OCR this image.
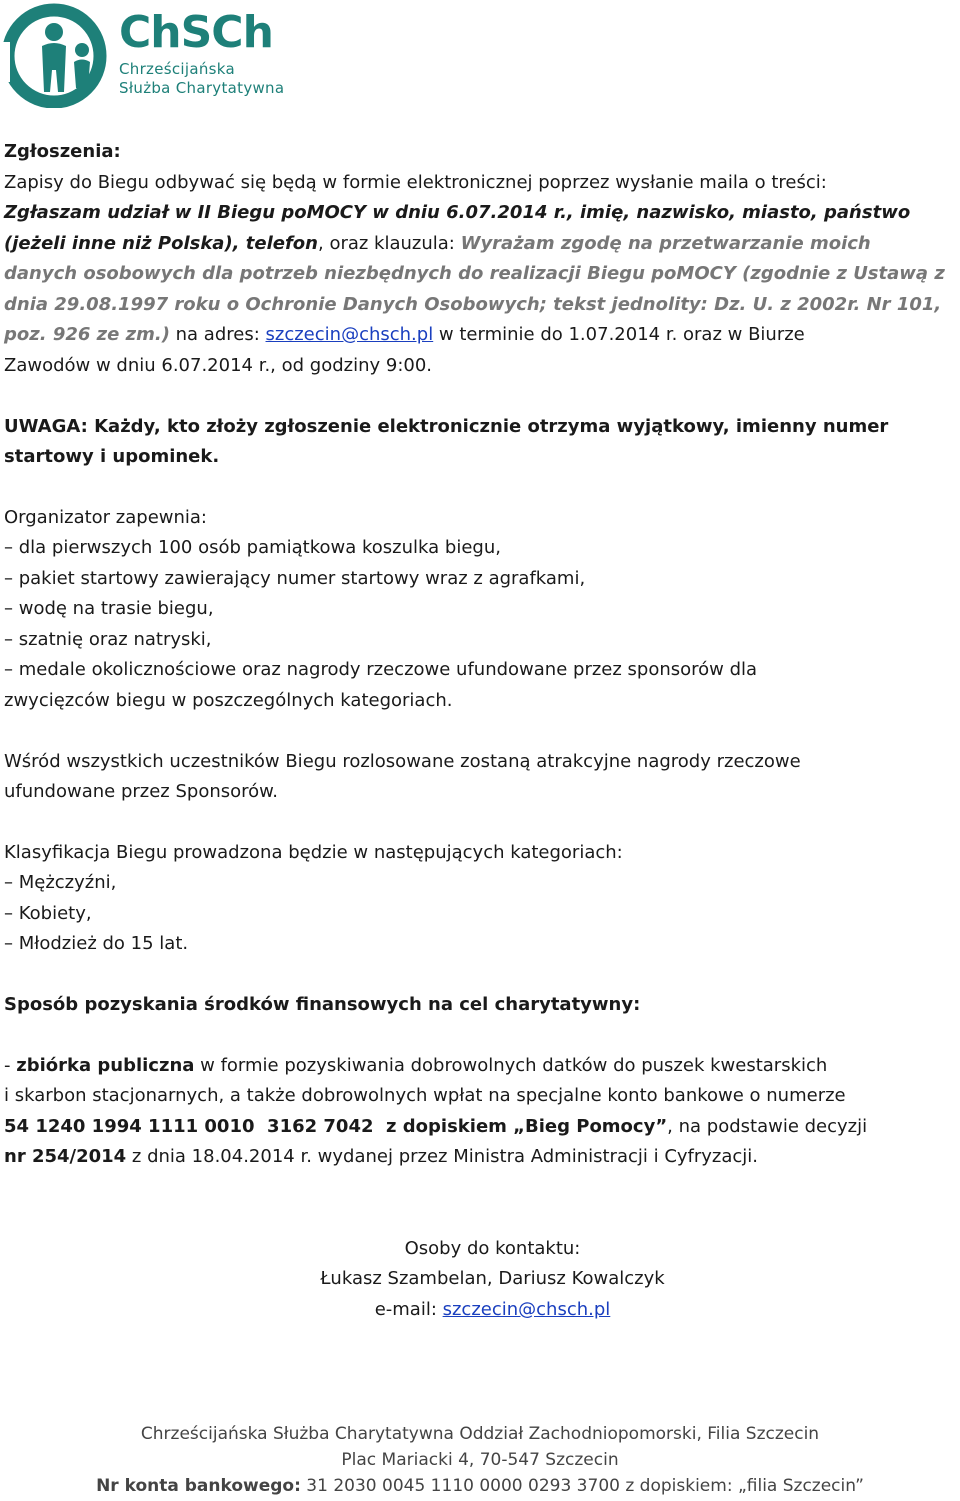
ChSCh
Chrześcijańska
Służba Charytatywna

Zgłoszenia:

Zapisy do Biegu odbywać się będą w formie elektronicznej poprzez wysłanie maila o treści:

Zgłaszam udział w II Biegu poMOCY w dniu 6.07.2014 r., imię, nazwisko, miasto, państwo

(jeżeli inne niż Polska), telefon, oraz klauzula: Wyrażam zgodę na przetwarzanie moich

danych osobowych dla potrzeb niezbędnych do realizacji Biegu poMOCY (zgodnie z Ustawą z

dnia 29.08.1997 roku o Ochronie Danych Osobowych; tekst jednolity: Dz. U. z 2002r. Nr 101,

poz. 926 ze zm.) na adres: szczecin@chsch.pl w terminie do 1.07.2014 r. oraz w Biurze

Zawodów w dniu 6.07.2014 r., od godziny 9:00.

UWAGA: Każdy, kto złoży zgłoszenie elektronicznie otrzyma wyjątkowy, imienny numer

startowy i upominek.

Organizator zapewnia:

– dla pierwszych 100 osób pamiątkowa koszulka biegu,

– pakiet startowy zawierający numer startowy wraz z agrafkami,

– wodę na trasie biegu,

– szatnię oraz natryski,

– medale okolicznościowe oraz nagrody rzeczowe ufundowane przez sponsorów dla

zwycięzców biegu w poszczególnych kategoriach.

Wśród wszystkich uczestników Biegu rozlosowane zostaną atrakcyjne nagrody rzeczowe

ufundowane przez Sponsorów.

Klasyfikacja Biegu prowadzona będzie w następujących kategoriach:

– Mężczyźni,

– Kobiety,

– Młodzież do 15 lat.

Sposób pozyskania środków finansowych na cel charytatywny:

- zbiórka publiczna w formie pozyskiwania dobrowolnych datków do puszek kwestarskich

i skarbon stacjonarnych, a także dobrowolnych wpłat na specjalne konto bankowe o numerze

54 1240 1994 1111 0010  3162 7042  z dopiskiem „Bieg Pomocy”, na podstawie decyzji

nr 254/2014 z dnia 18.04.2014 r. wydanej przez Ministra Administracji i Cyfryzacji.

Osoby do kontaktu:

Łukasz Szambelan, Dariusz Kowalczyk

e-mail: szczecin@chsch.pl

Chrześcijańska Służba Charytatywna Oddział Zachodniopomorski, Filia Szczecin
Plac Mariacki 4, 70-547 Szczecin
Nr konta bankowego: 31 2030 0045 1110 0000 0293 3700 z dopiskiem: „filia Szczecin”
